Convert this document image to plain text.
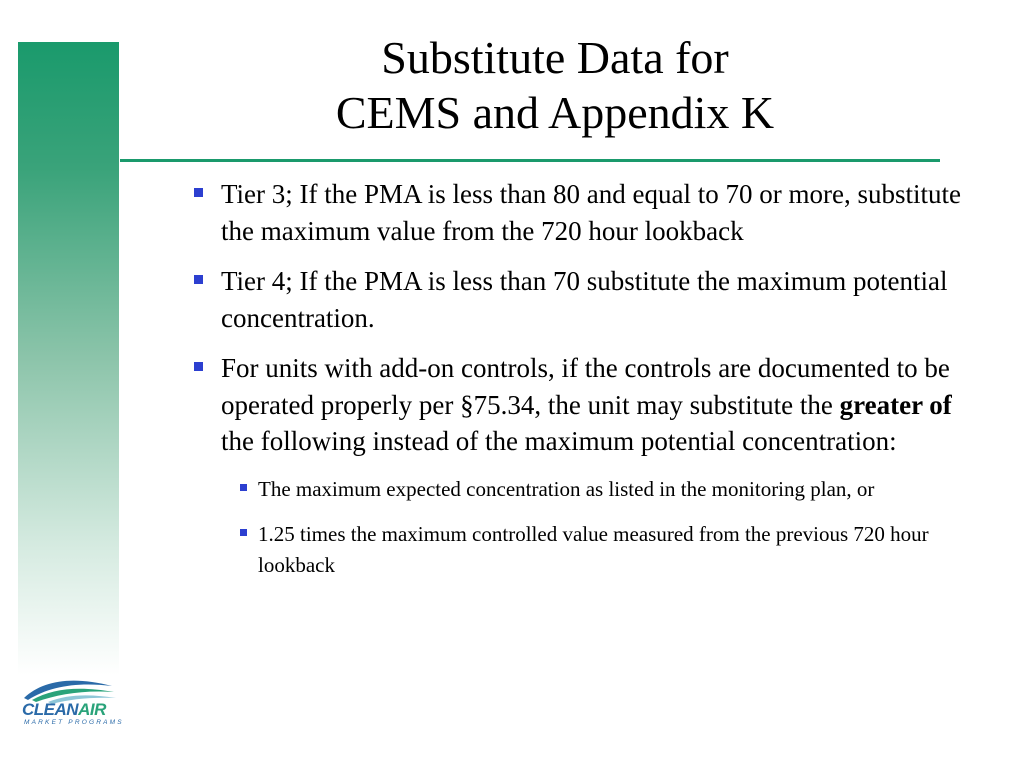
Substitute Data for
CEMS and Appendix K
Tier 3; If the PMA is less than 80 and equal to 70 or more, substitute the maximum value from the 720 hour lookback
Tier 4; If the PMA is less than 70 substitute the maximum potential concentration.
For units with add-on controls, if the controls are documented to be operated properly per §75.34, the unit may substitute the greater of the following instead of the maximum potential concentration:
The maximum expected concentration as listed in the monitoring plan, or
1.25 times the maximum controlled value measured from the previous 720 hour lookback
CLEANAIR
MARKET PROGRAMS
